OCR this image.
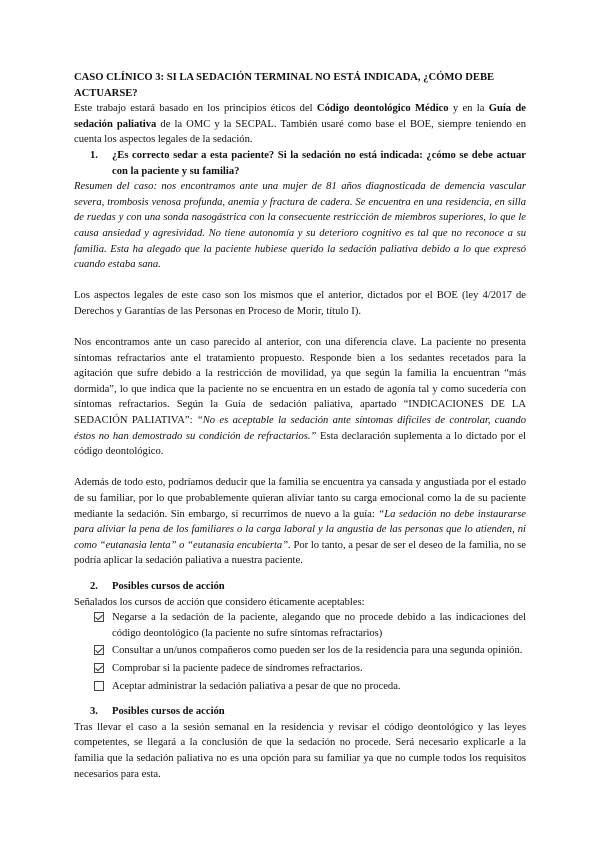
CASO CLÍNICO 3: SI LA SEDACIÓN TERMINAL NO ESTÁ INDICADA, ¿CÓMO DEBE ACTUARSE?

Este trabajo estará basado en los principios éticos del Código deontológico Médico y en la Guía de sedación paliativa de la OMC y la SECPAL. También usaré como base el BOE, siempre teniendo en cuenta los aspectos legales de la sedación.

1.	¿Es correcto sedar a esta paciente? Si la sedación no está indicada: ¿cómo se debe actuar con la paciente y su familia?

Resumen del caso: nos encontramos ante una mujer de 81 años diagnosticada de demencia vascular severa, trombosis venosa profunda, anemia y fractura de cadera. Se encuentra en una residencia, en silla de ruedas y con una sonda nasogástrica con la consecuente restricción de miembros superiores, lo que le causa ansiedad y agresividad. No tiene autonomía y su deterioro cognitivo es tal que no reconoce a su familia. Esta ha alegado que la paciente hubiese querido la sedación paliativa debido a lo que expresó cuando estaba sana.

Los aspectos legales de este caso son los mismos que el anterior, dictados por el BOE (ley 4/2017 de Derechos y Garantías de las Personas en Proceso de Morir, título I).

Nos encontramos ante un caso parecido al anterior, con una diferencia clave. La paciente no presenta síntomas refractarios ante el tratamiento propuesto. Responde bien a los sedantes recetados para la agitación que sufre debido a la restricción de movilidad, ya que según la familia la encuentran “más dormida”, lo que indica que la paciente no se encuentra en un estado de agonía tal y como sucedería con síntomas refractarios. Según la Guía de sedación paliativa, apartado “INDICACIONES DE LA SEDACIÓN PALIATIVA”: “No es aceptable la sedación ante síntomas difíciles de controlar, cuando éstos no han demostrado su condición de refractarios.” Esta declaración suplementa a lo dictado por el código deontológico.

Además de todo esto, podríamos deducir que la familia se encuentra ya cansada y angustiada por el estado de su familiar, por lo que probablemente quieran aliviar tanto su carga emocional como la de su paciente mediante la sedación. Sin embargo, si recurrimos de nuevo a la guía: “La sedación no debe instaurarse para aliviar la pena de los familiares o la carga laboral y la angustia de las personas que lo atienden, ni como “eutanasia lenta” o “eutanasia encubierta”. Por lo tanto, a pesar de ser el deseo de la familia, no se podría aplicar la sedación paliativa a nuestra paciente.

2.	Posibles cursos de acción

Señalados los cursos de acción que considero éticamente aceptables:

Negarse a la sedación de la paciente, alegando que no procede debido a las indicaciones del código deontológico (la paciente no sufre síntomas refractarios)
Consultar a un/unos compañeros como pueden ser los de la residencia para una segunda opinión.
Comprobar si la paciente padece de síndromes refractarios.
Aceptar administrar la sedación paliativa a pesar de que no proceda.
3.	Posibles cursos de acción

Tras llevar el caso a la sesión semanal en la residencia y revisar el código deontológico y las leyes competentes, se llegará a la conclusión de que la sedación no procede. Será necesario explicarle a la familia que la sedación paliativa no es una opción para su familiar ya que no cumple todos los requisitos necesarios para esta.
